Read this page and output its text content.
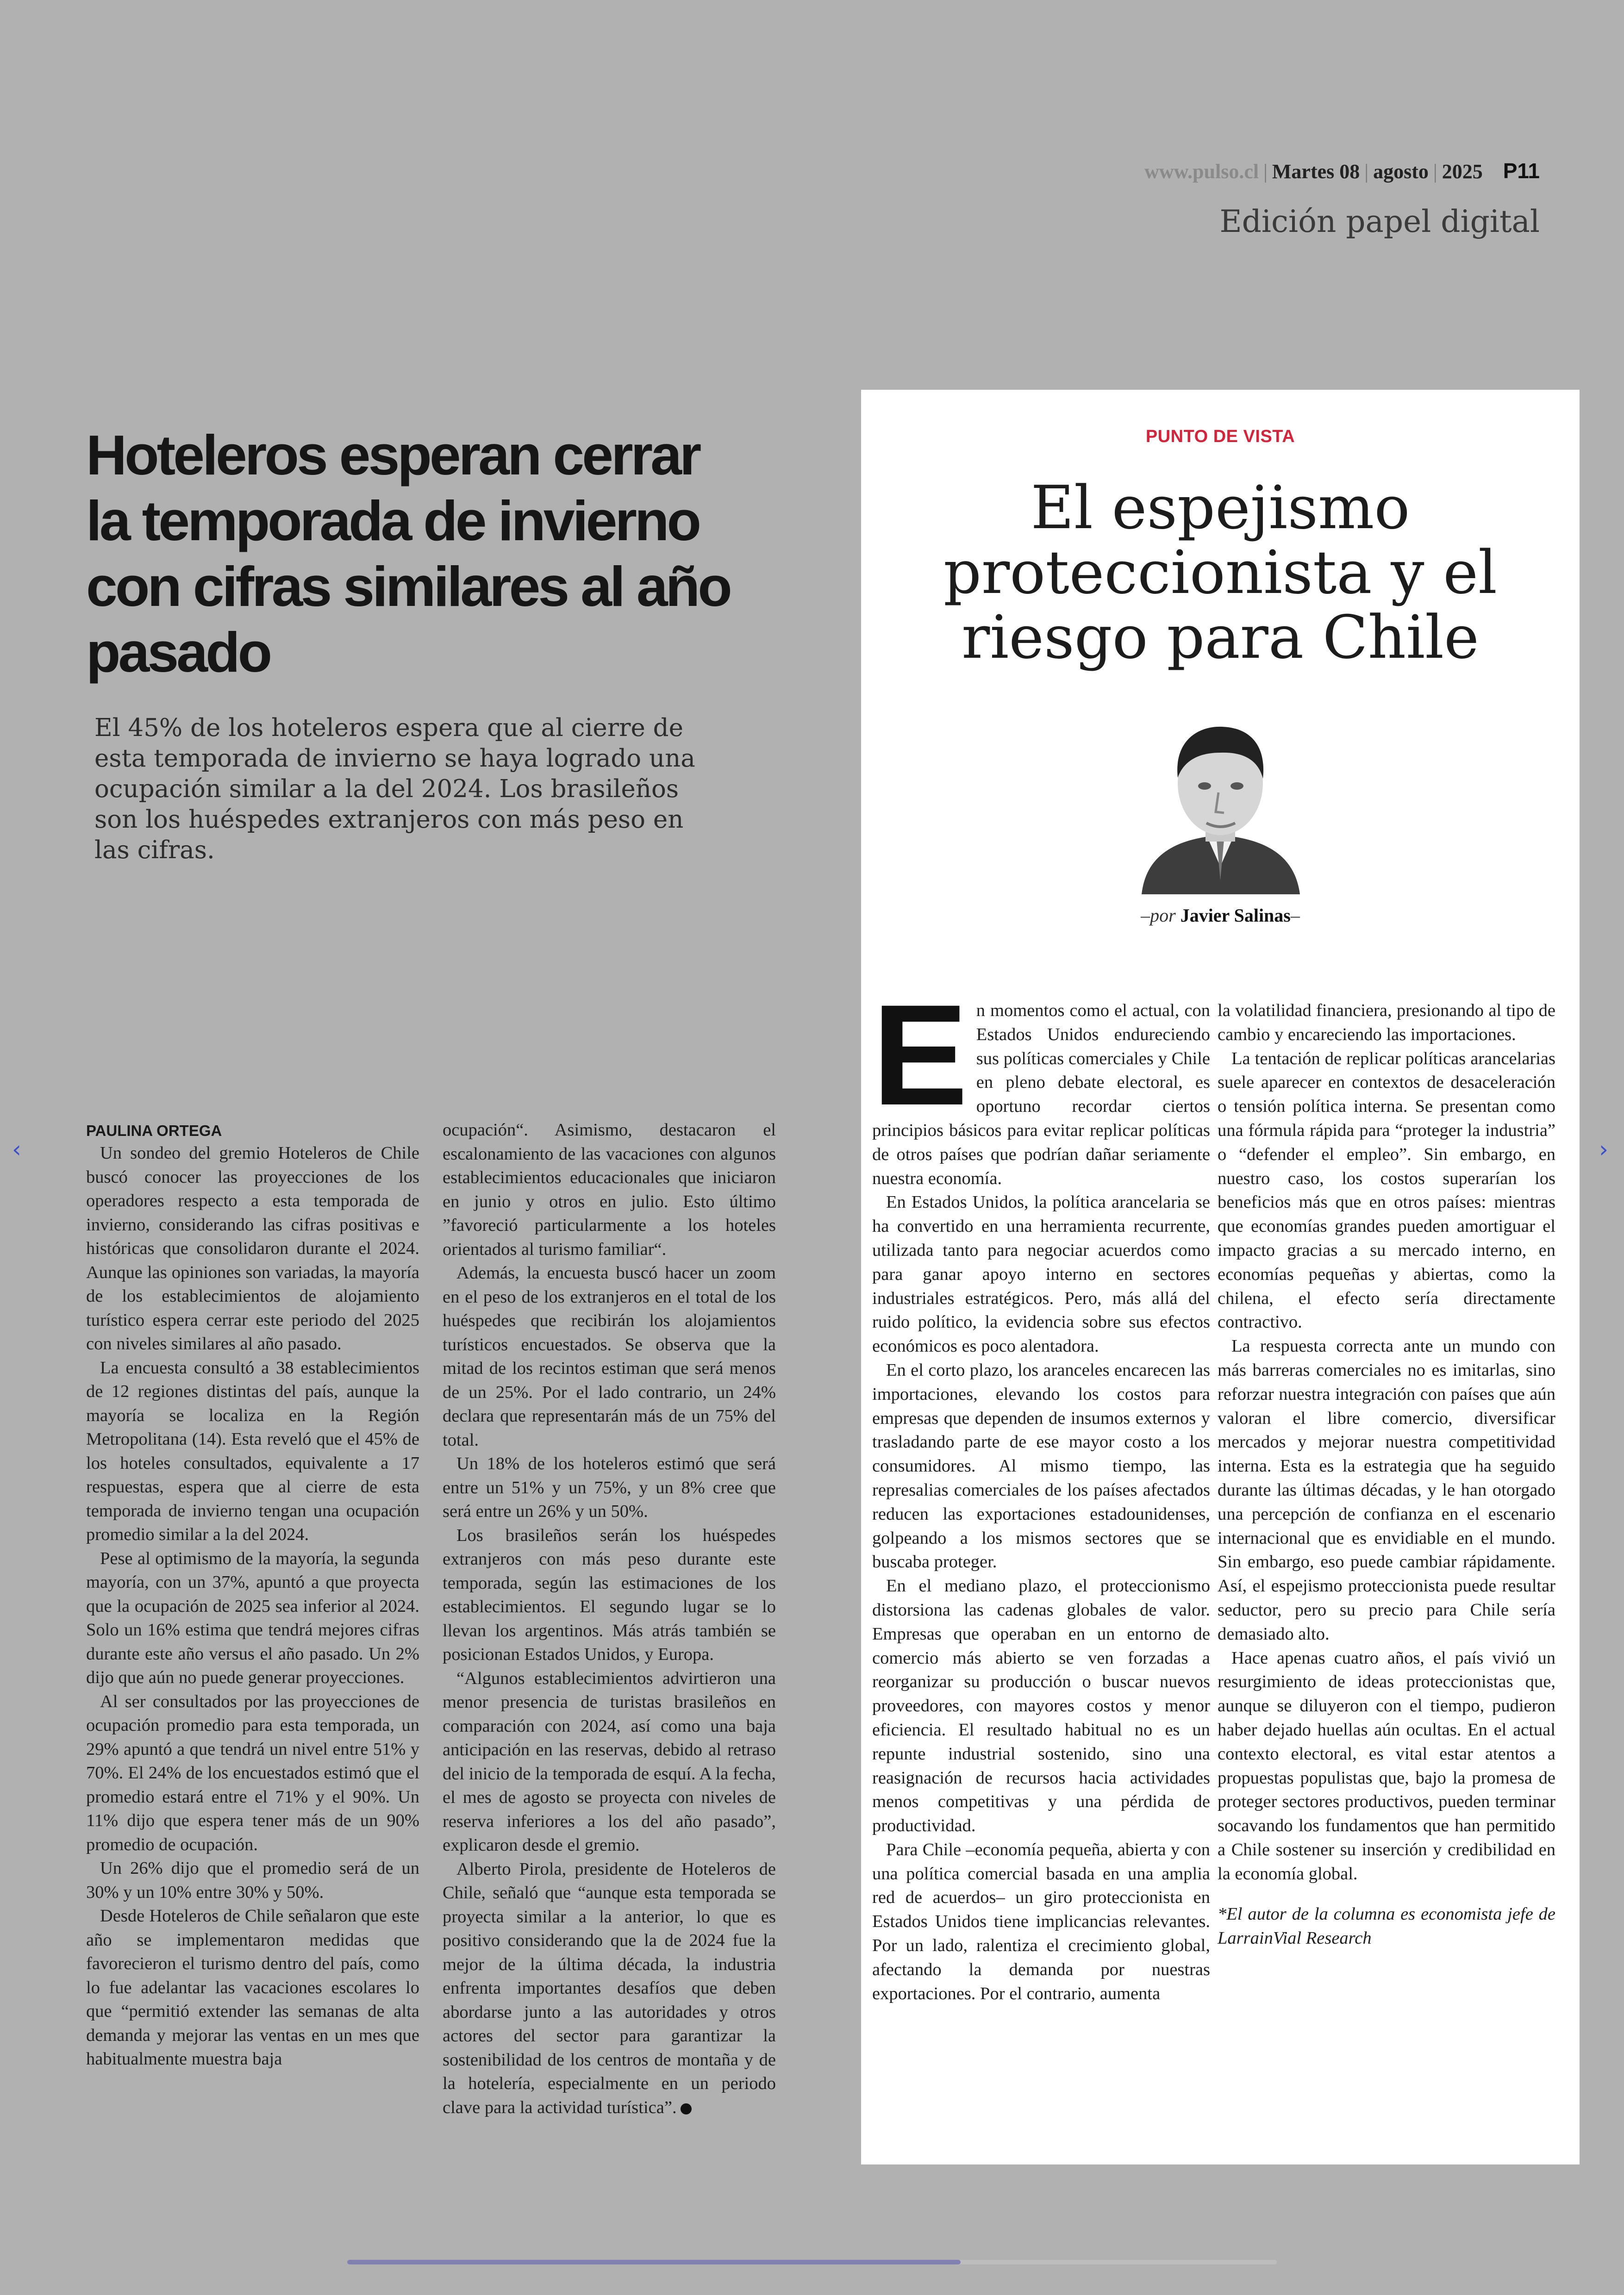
www.pulso.cl | Martes 08 | agosto | 2025 P11
Edición papel digital
Hoteleros esperan cerrar la temporada de invierno con cifras similares al año pasado

El 45% de los hoteleros espera que al cierre de esta temporada de invierno se haya logrado una ocupación similar a la del 2024. Los brasileños son los huéspedes extranjeros con más peso en las cifras.

PAULINA ORTEGA

Un sondeo del gremio Hoteleros de Chile buscó conocer las proyecciones de los operadores respecto a esta temporada de invierno, considerando las cifras positivas e históricas que consolidaron durante el 2024. Aunque las opiniones son variadas, la mayoría de los establecimientos de alojamiento turístico espera cerrar este periodo del 2025 con niveles similares al año pasado.

La encuesta consultó a 38 establecimientos de 12 regiones distintas del país, aunque la mayoría se localiza en la Región Metropolitana (14). Esta reveló que el 45% de los hoteles consultados, equivalente a 17 respuestas, espera que al cierre de esta temporada de invierno tengan una ocupación promedio similar a la del 2024.

Pese al optimismo de la mayoría, la segunda mayoría, con un 37%, apuntó a que proyecta que la ocupación de 2025 sea inferior al 2024. Solo un 16% estima que tendrá mejores cifras durante este año versus el año pasado. Un 2% dijo que aún no puede generar proyecciones.

Al ser consultados por las proyecciones de ocupación promedio para esta temporada, un 29% apuntó a que tendrá un nivel entre 51% y 70%. El 24% de los encuestados estimó que el promedio estará entre el 71% y el 90%. Un 11% dijo que espera tener más de un 90% promedio de ocupación.

Un 26% dijo que el promedio será de un 30% y un 10% entre 30% y 50%.

Desde Hoteleros de Chile señalaron que este año se implementaron medidas que favorecieron el turismo dentro del país, como lo fue adelantar las vacaciones escolares lo que “permitió extender las semanas de alta demanda y mejorar las ventas en un mes que habitualmente muestra baja

ocupación“. Asimismo, destacaron el escalonamiento de las vacaciones con algunos establecimientos educacionales que iniciaron en junio y otros en julio. Esto último ”favoreció particularmente a los hoteles orientados al turismo familiar“.

Además, la encuesta buscó hacer un zoom en el peso de los extranjeros en el total de los huéspedes que recibirán los alojamientos turísticos encuestados. Se observa que la mitad de los recintos estiman que será menos de un 25%. Por el lado contrario, un 24% declara que representarán más de un 75% del total.

Un 18% de los hoteleros estimó que será entre un 51% y un 75%, y un 8% cree que será entre un 26% y un 50%.

Los brasileños serán los huéspedes extranjeros con más peso durante este temporada, según las estimaciones de los establecimientos. El segundo lugar se lo llevan los argentinos. Más atrás también se posicionan Estados Unidos, y Europa.

“Algunos establecimientos advirtieron una menor presencia de turistas brasileños en comparación con 2024, así como una baja anticipación en las reservas, debido al retraso del inicio de la temporada de esquí. A la fecha, el mes de agosto se proyecta con niveles de reserva inferiores a los del año pasado”, explicaron desde el gremio.

Alberto Pirola, presidente de Hoteleros de Chile, señaló que “aunque esta temporada se proyecta similar a la anterior, lo que es positivo considerando que la de 2024 fue la mejor de la última década, la industria enfrenta importantes desafíos que deben abordarse junto a las autoridades y otros actores del sector para garantizar la sostenibilidad de los centros de montaña y de la hotelería, especialmente en un periodo clave para la actividad turística”.

PUNTO DE VISTA
El espejismo proteccionista y el riesgo para Chile
–por Javier Salinas–

En momentos como el actual, con Estados Unidos endureciendo sus políticas comerciales y Chile en pleno debate electoral, es oportuno recordar ciertos principios básicos para evitar replicar políticas de otros países que podrían dañar seriamente nuestra economía.

En Estados Unidos, la política arancelaria se ha convertido en una herramienta recurrente, utilizada tanto para negociar acuerdos como para ganar apoyo interno en sectores industriales estratégicos. Pero, más allá del ruido político, la evidencia sobre sus efectos económicos es poco alentadora.

En el corto plazo, los aranceles encarecen las importaciones, elevando los costos para empresas que dependen de insumos externos y trasladando parte de ese mayor costo a los consumidores. Al mismo tiempo, las represalias comerciales de los países afectados reducen las exportaciones estadounidenses, golpeando a los mismos sectores que se buscaba proteger.

En el mediano plazo, el proteccionismo distorsiona las cadenas globales de valor. Empresas que operaban en un entorno de comercio más abierto se ven forzadas a reorganizar su producción o buscar nuevos proveedores, con mayores costos y menor eficiencia. El resultado habitual no es un repunte industrial sostenido, sino una reasignación de recursos hacia actividades menos competitivas y una pérdida de productividad.

Para Chile –economía pequeña, abierta y con una política comercial basada en una amplia red de acuerdos– un giro proteccionista en Estados Unidos tiene implicancias relevantes. Por un lado, ralentiza el crecimiento global, afectando la demanda por nuestras exportaciones. Por el contrario, aumenta

la volatilidad financiera, presionando al tipo de cambio y encareciendo las importaciones.

La tentación de replicar políticas arancelarias suele aparecer en contextos de desaceleración o tensión política interna. Se presentan como una fórmula rápida para “proteger la industria” o “defender el empleo”. Sin embargo, en nuestro caso, los costos superarían los beneficios más que en otros países: mientras que economías grandes pueden amortiguar el impacto gracias a su mercado interno, en economías pequeñas y abiertas, como la chilena, el efecto sería directamente contractivo.

La respuesta correcta ante un mundo con más barreras comerciales no es imitarlas, sino reforzar nuestra integración con países que aún valoran el libre comercio, diversificar mercados y mejorar nuestra competitividad interna. Esta es la estrategia que ha seguido durante las últimas décadas, y le han otorgado una percepción de confianza en el escenario internacional que es envidiable en el mundo. Sin embargo, eso puede cambiar rápidamente. Así, el espejismo proteccionista puede resultar seductor, pero su precio para Chile sería demasiado alto.

Hace apenas cuatro años, el país vivió un resurgimiento de ideas proteccionistas que, aunque se diluyeron con el tiempo, pudieron haber dejado huellas aún ocultas. En el actual contexto electoral, es vital estar atentos a propuestas populistas que, bajo la promesa de proteger sectores productivos, pueden terminar socavando los fundamentos que han permitido a Chile sostener su inserción y credibilidad en la economía global.

*El autor de la columna es economista jefe de LarrainVial Research

‹	›
